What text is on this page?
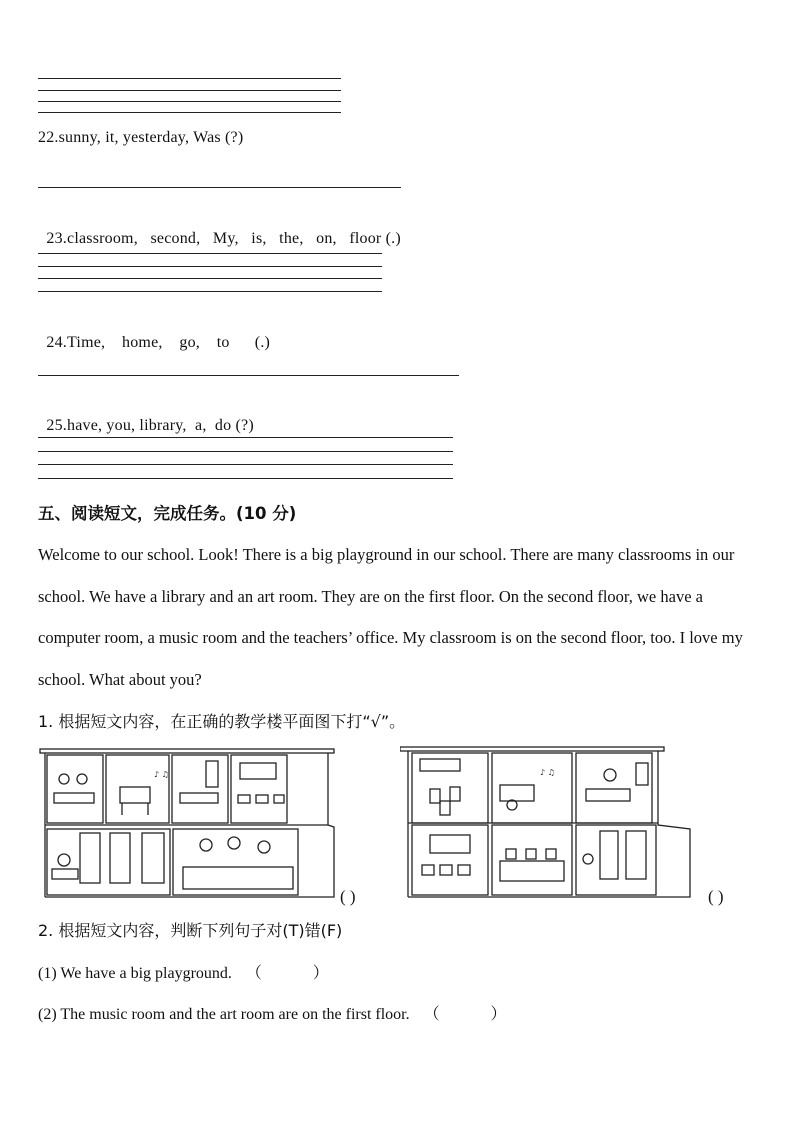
22.sunny, it, yesterday, Was (?)

23.classroom,   second,   My,   is,   the,   on,   floor (.)

24.Time,    home,    go,    to      (.)

25.have, you, library,  a,  do (?)

五、阅读短文，完成任务。(10 分)
Welcome to our school. Look! There is a big playground in our school. There are many classrooms in our school. We have a library and an art room. They are on the first floor. On the second floor, we have a computer room, a music room and the teachers’ office. My classroom is on the second floor, too. I love my school. What about you?
1. 根据短文内容，在正确的教学楼平面图下打“√”。
♪ ♫
( )
♪ ♫
( )
2. 根据短文内容，判断下列句子对(T)错(F)
(1) We have a big playground. （          ）
(2) The music room and the art room are on the first floor. （          ）
